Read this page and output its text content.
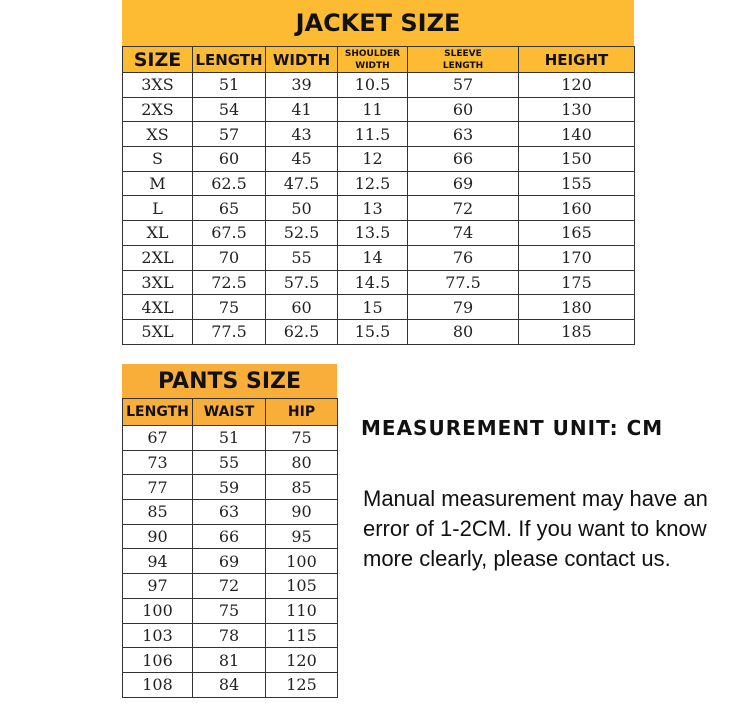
JACKET SIZE
SIZE	LENGTH	WIDTH	SHOULDER WIDTH	SLEEVE LENGTH	HEIGHT
3XS	51	39	10.5	57	120
2XS	54	41	11	60	130
XS	57	43	11.5	63	140
S	60	45	12	66	150
M	62.5	47.5	12.5	69	155
L	65	50	13	72	160
XL	67.5	52.5	13.5	74	165
2XL	70	55	14	76	170
3XL	72.5	57.5	14.5	77.5	175
4XL	75	60	15	79	180
5XL	77.5	62.5	15.5	80	185
PANTS SIZE
LENGTH	WAIST	HIP
67	51	75
73	55	80
77	59	85
85	63	90
90	66	95
94	69	100
97	72	105
100	75	110
103	78	115
106	81	120
108	84	125
MEASUREMENT UNIT: CM
Manual measurement may have an error of 1-2CM. If you want to know more clearly, please contact us.
